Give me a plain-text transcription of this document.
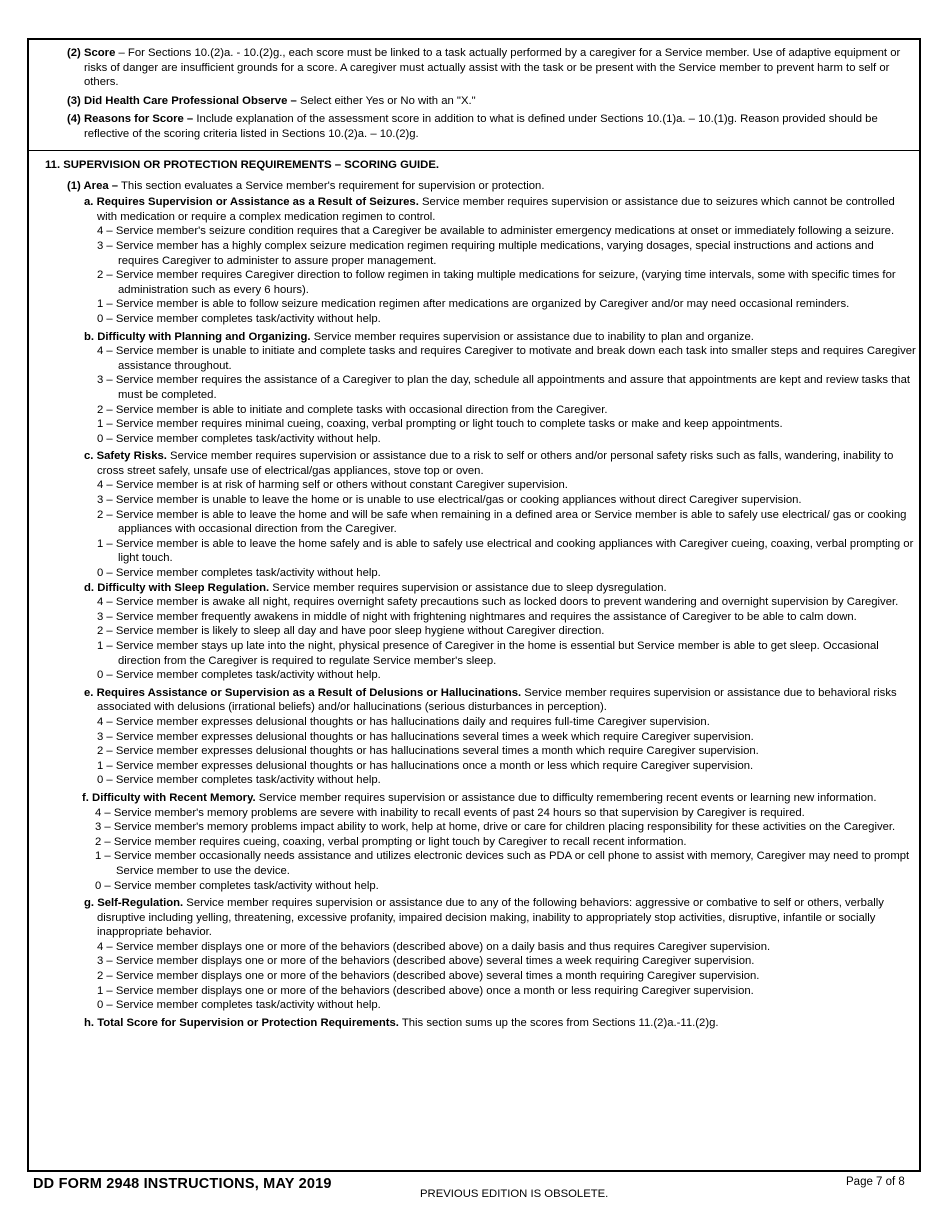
(2) Score – For Sections 10.(2)a. - 10.(2)g., each score must be linked to a task actually performed by a caregiver for a Service member. Use of adaptive equipment or risks of danger are insufficient grounds for a score. A caregiver must actually assist with the task or be present with the Service member to prevent harm to self or others.
(3) Did Health Care Professional Observe – Select either Yes or No with an "X."
(4) Reasons for Score – Include explanation of the assessment score in addition to what is defined under Sections 10.(1)a. – 10.(1)g. Reason provided should be reflective of the scoring criteria listed in Sections 10.(2)a. – 10.(2)g.
11. SUPERVISION OR PROTECTION REQUIREMENTS – SCORING GUIDE.
(1) Area – This section evaluates a Service member's requirement for supervision or protection.
a. Requires Supervision or Assistance as a Result of Seizures. Service member requires supervision or assistance due to seizures which cannot be controlled with medication or require a complex medication regimen to control.
4 – Service member's seizure condition requires that a Caregiver be available to administer emergency medications at onset or immediately following a seizure.
3 – Service member has a highly complex seizure medication regimen requiring multiple medications, varying dosages, special instructions and actions and requires Caregiver to administer to assure proper management.
2 – Service member requires Caregiver direction to follow regimen in taking multiple medications for seizure, (varying time intervals, some with specific times for administration such as every 6 hours).
1 – Service member is able to follow seizure medication regimen after medications are organized by Caregiver and/or may need occasional reminders.
0 – Service member completes task/activity without help.
b. Difficulty with Planning and Organizing. Service member requires supervision or assistance due to inability to plan and organize.
4 – Service member is unable to initiate and complete tasks and requires Caregiver to motivate and break down each task into smaller steps and requires Caregiver assistance throughout.
3 – Service member requires the assistance of a Caregiver to plan the day, schedule all appointments and assure that appointments are kept and review tasks that must be completed.
2 – Service member is able to initiate and complete tasks with occasional direction from the Caregiver.
1 – Service member requires minimal cueing, coaxing, verbal prompting or light touch to complete tasks or make and keep appointments.
0 – Service member completes task/activity without help.
c. Safety Risks. Service member requires supervision or assistance due to a risk to self or others and/or personal safety risks such as falls, wandering, inability to cross street safely, unsafe use of electrical/gas appliances, stove top or oven.
4 – Service member is at risk of harming self or others without constant Caregiver supervision.
3 – Service member is unable to leave the home or is unable to use electrical/gas or cooking appliances without direct Caregiver supervision.
2 – Service member is able to leave the home and will be safe when remaining in a defined area or Service member is able to safely use electrical/ gas or cooking appliances with occasional direction from the Caregiver.
1 – Service member is able to leave the home safely and is able to safely use electrical and cooking appliances with Caregiver cueing, coaxing, verbal prompting or light touch.
0 – Service member completes task/activity without help.
d. Difficulty with Sleep Regulation. Service member requires supervision or assistance due to sleep dysregulation.
4 – Service member is awake all night, requires overnight safety precautions such as locked doors to prevent wandering and overnight supervision by Caregiver.
3 – Service member frequently awakens in middle of night with frightening nightmares and requires the assistance of Caregiver to be able to calm down.
2 – Service member is likely to sleep all day and have poor sleep hygiene without Caregiver direction.
1 – Service member stays up late into the night, physical presence of Caregiver in the home is essential but Service member is able to get sleep. Occasional direction from the Caregiver is required to regulate Service member's sleep.
0 – Service member completes task/activity without help.
e. Requires Assistance or Supervision as a Result of Delusions or Hallucinations. Service member requires supervision or assistance due to behavioral risks associated with delusions (irrational beliefs) and/or hallucinations (serious disturbances in perception).
4 – Service member expresses delusional thoughts or has hallucinations daily and requires full-time Caregiver supervision.
3 – Service member expresses delusional thoughts or has hallucinations several times a week which require Caregiver supervision.
2 – Service member expresses delusional thoughts or has hallucinations several times a month which require Caregiver supervision.
1 – Service member expresses delusional thoughts or has hallucinations once a month or less which require Caregiver supervision.
0 – Service member completes task/activity without help.
f. Difficulty with Recent Memory. Service member requires supervision or assistance due to difficulty remembering recent events or learning new information.
4 – Service member's memory problems are severe with inability to recall events of past 24 hours so that supervision by Caregiver is required.
3 – Service member's memory problems impact ability to work, help at home, drive or care for children placing responsibility for these activities on the Caregiver.
2 – Service member requires cueing, coaxing, verbal prompting or light touch by Caregiver to recall recent information.
1 – Service member occasionally needs assistance and utilizes electronic devices such as PDA or cell phone to assist with memory, Caregiver may need to prompt Service member to use the device.
0 – Service member completes task/activity without help.
g. Self-Regulation. Service member requires supervision or assistance due to any of the following behaviors: aggressive or combative to self or others, verbally disruptive including yelling, threatening, excessive profanity, impaired decision making, inability to appropriately stop activities, disruptive, infantile or socially inappropriate behavior.
4 – Service member displays one or more of the behaviors (described above) on a daily basis and thus requires Caregiver supervision.
3 – Service member displays one or more of the behaviors (described above) several times a week requiring Caregiver supervision.
2 – Service member displays one or more of the behaviors (described above) several times a month requiring Caregiver supervision.
1 – Service member displays one or more of the behaviors (described above) once a month or less requiring Caregiver supervision.
0 – Service member completes task/activity without help.
h. Total Score for Supervision or Protection Requirements. This section sums up the scores from Sections 11.(2)a.-11.(2)g.
DD FORM 2948 INSTRUCTIONS, MAY 2019
PREVIOUS EDITION IS OBSOLETE.
Page 7 of 8
